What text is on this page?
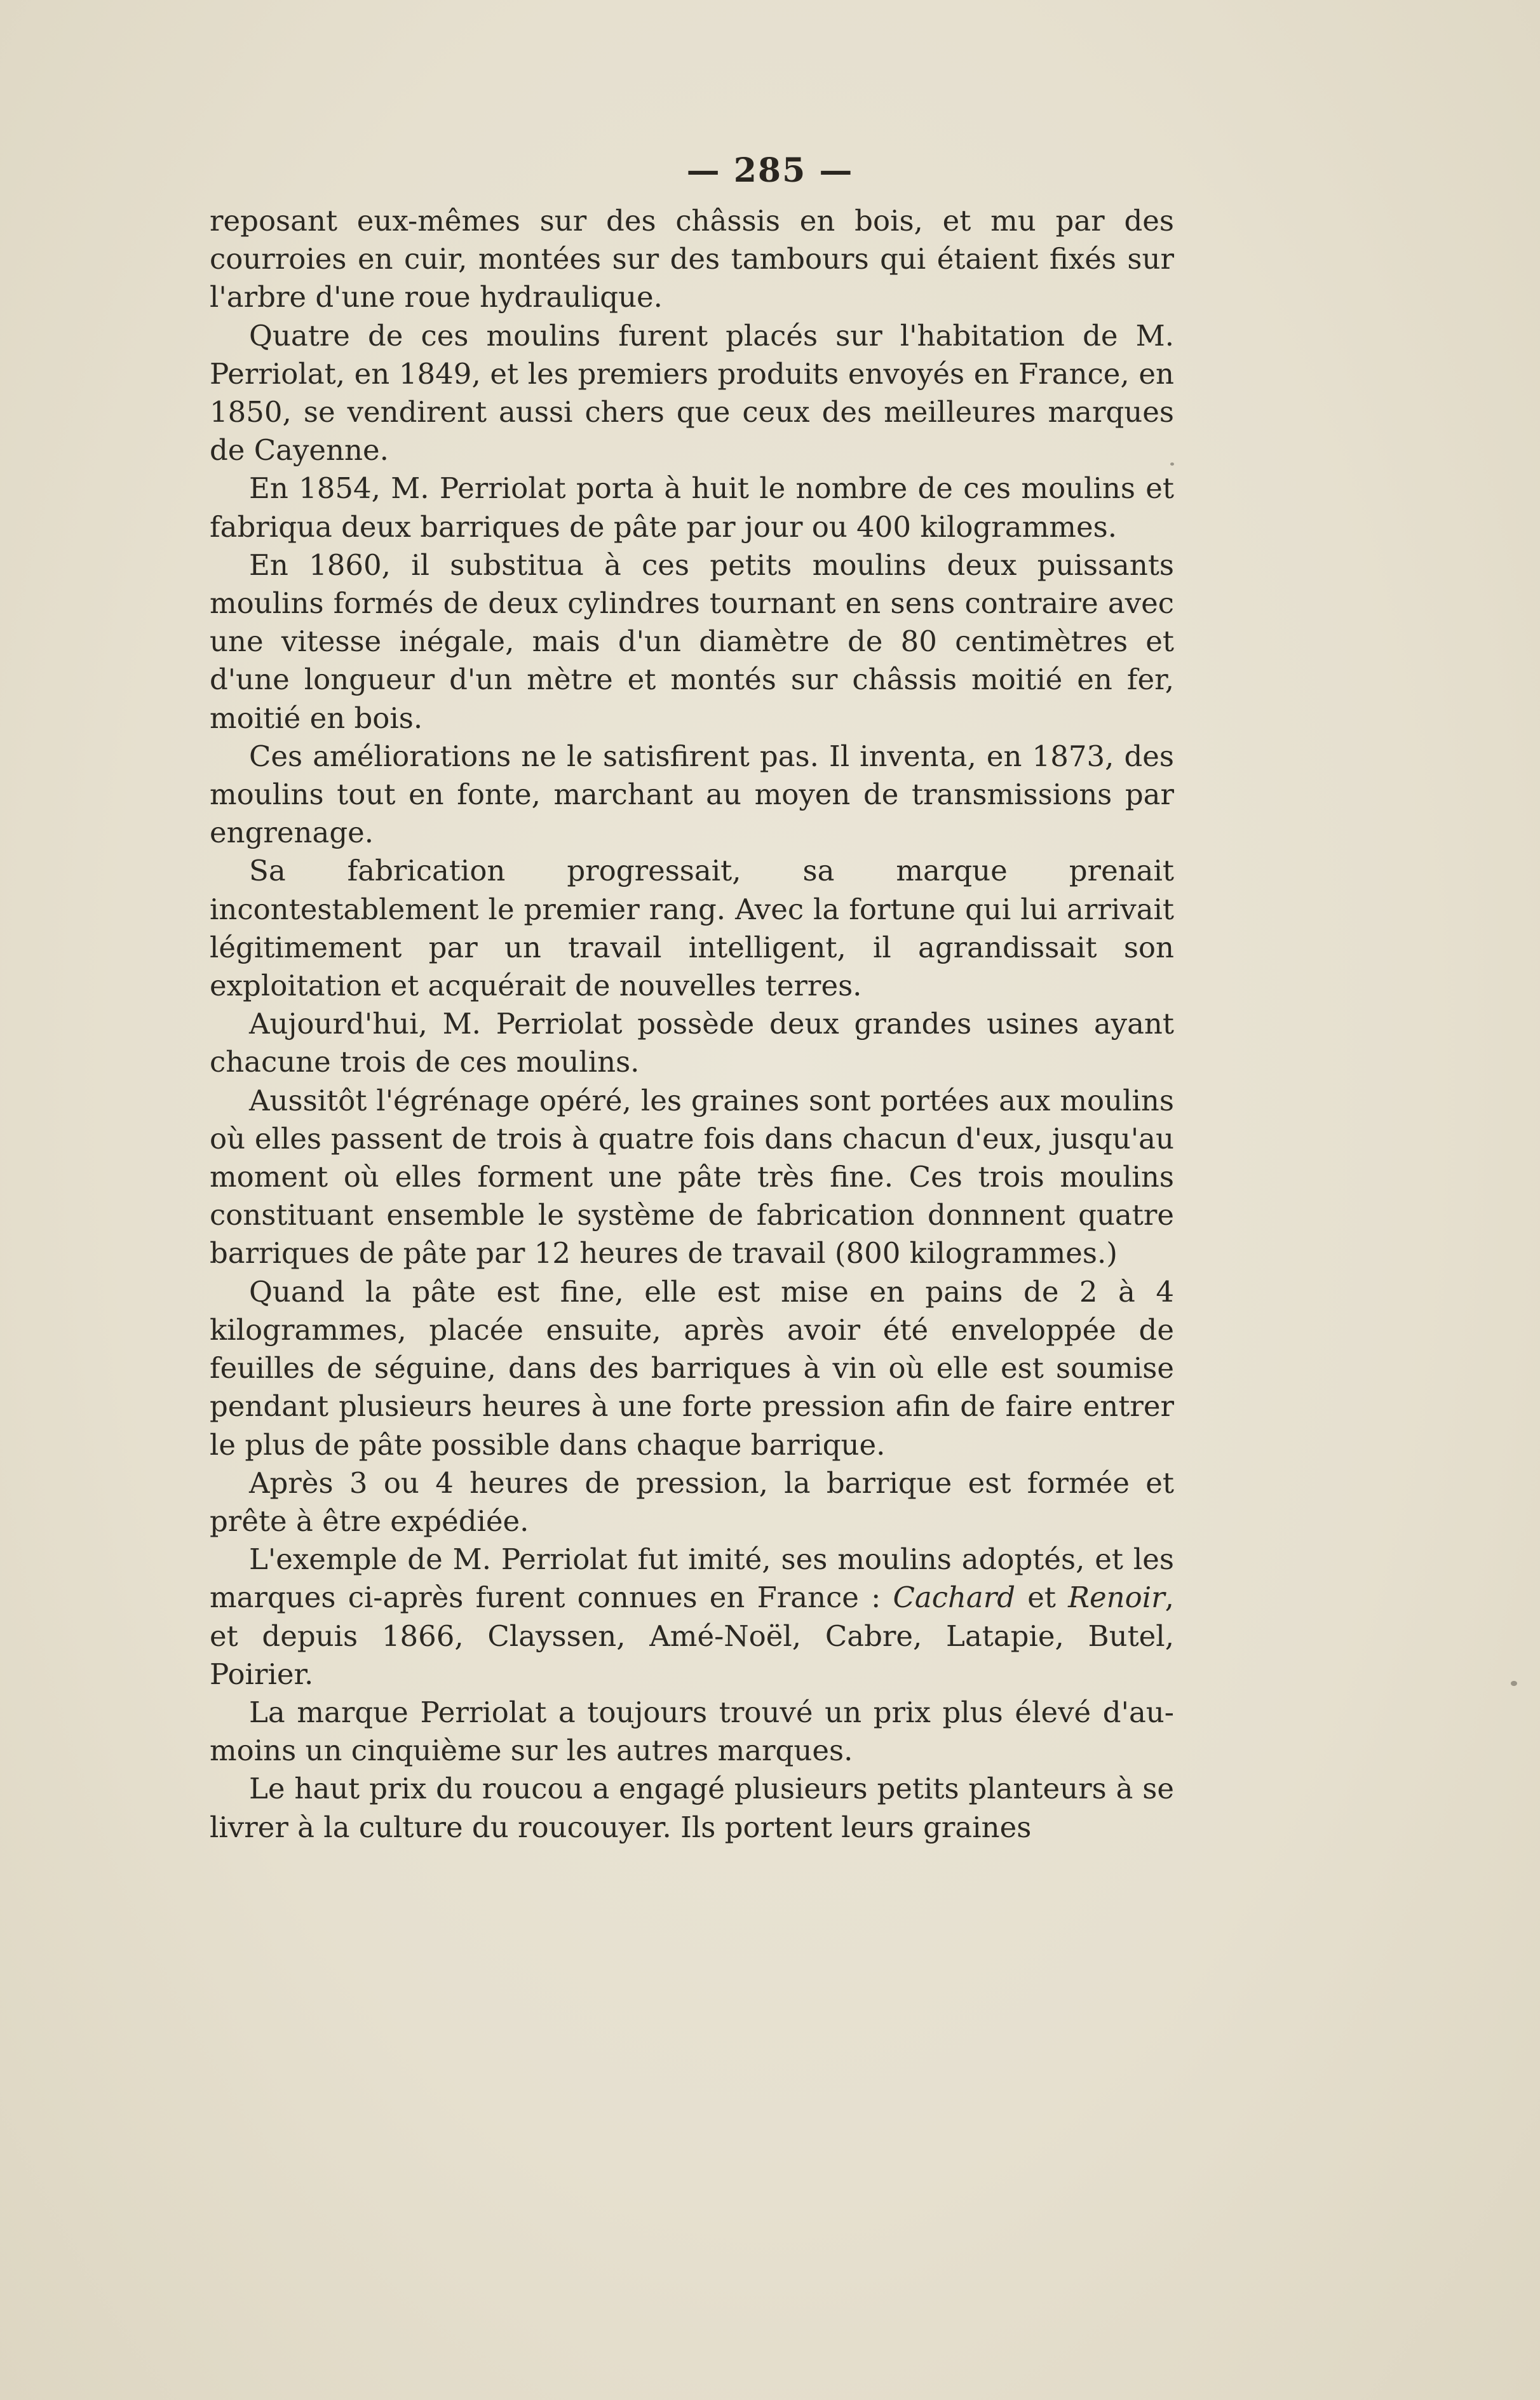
— 285 —

reposant eux-mêmes sur des châssis en bois, et mu par des courroies en cuir, montées sur des tambours qui étaient fixés sur l'arbre d'une roue hydraulique.

Quatre de ces moulins furent placés sur l'habitation de M. Perriolat, en 1849, et les premiers produits envoyés en France, en 1850, se vendirent aussi chers que ceux des meilleures marques de Cayenne.

En 1854, M. Perriolat porta à huit le nombre de ces moulins et fabriqua deux barriques de pâte par jour ou 400 kilogrammes.

En 1860, il substitua à ces petits moulins deux puissants moulins formés de deux cylindres tournant en sens contraire avec une vitesse inégale, mais d'un diamètre de 80 centimètres et d'une longueur d'un mètre et montés sur châssis moitié en fer, moitié en bois.

Ces améliorations ne le satisfirent pas. Il inventa, en 1873, des moulins tout en fonte, marchant au moyen de transmissions par engrenage.

Sa fabrication progressait, sa marque prenait incontestablement le premier rang. Avec la fortune qui lui arrivait légitimement par un travail intelligent, il agrandissait son exploitation et acquérait de nouvelles terres.

Aujourd'hui, M. Perriolat possède deux grandes usines ayant chacune trois de ces moulins.

Aussitôt l'égrénage opéré, les graines sont portées aux moulins où elles passent de trois à quatre fois dans chacun d'eux, jusqu'au moment où elles forment une pâte très fine. Ces trois moulins constituant ensemble le système de fabrication donnnent quatre barriques de pâte par 12 heures de travail (800 kilogrammes.)

Quand la pâte est fine, elle est mise en pains de 2 à 4 kilogrammes, placée ensuite, après avoir été enveloppée de feuilles de séguine, dans des barriques à vin où elle est soumise pendant plusieurs heures à une forte pression afin de faire entrer le plus de pâte possible dans chaque barrique.

Après 3 ou 4 heures de pression, la barrique est formée et prête à être expédiée.

L'exemple de M. Perriolat fut imité, ses moulins adoptés, et les marques ci-après furent connues en France : Cachard et Renoir, et depuis 1866, Clayssen, Amé-Noël, Cabre, Latapie, Butel, Poirier.

La marque Perriolat a toujours trouvé un prix plus élevé d'au-moins un cinquième sur les autres marques.

Le haut prix du roucou a engagé plusieurs petits planteurs à se livrer à la culture du roucouyer. Ils portent leurs graines
